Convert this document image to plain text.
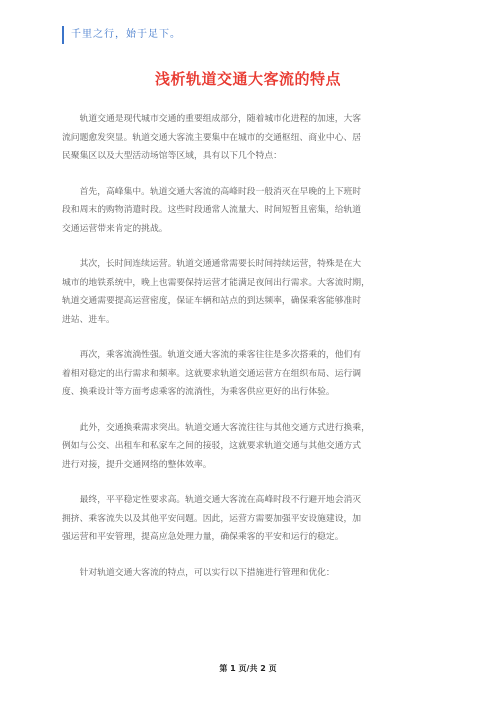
千里之行，始于足下。
浅析轨道交通大客流的特点
轨道交通是现代城市交通的重要组成部分，随着城市化进程的加速，大客
流问题愈发突显。轨道交通大客流主要集中在城市的交通枢纽、商业中心、居
民聚集区以及大型活动场馆等区域，具有以下几个特点：
首先，高峰集中。轨道交通大客流的高峰时段一般消灭在早晚的上下班时
段和周末的购物消遣时段。这些时段通常人流量大、时间短暂且密集，给轨道
交通运营带来肯定的挑战。
其次，长时间连续运营。轨道交通通常需要长时间持续运营，特殊是在大
城市的地铁系统中，晚上也需要保持运营才能满足夜间出行需求。大客流时期，
轨道交通需要提高运营密度，保证车辆和站点的到达频率，确保乘客能够准时
进站、进车。
再次，乘客流淌性强。轨道交通大客流的乘客往往是多次搭乘的，他们有
着相对稳定的出行需求和频率。这就要求轨道交通运营方在组织布局、运行调
度、换乘设计等方面考虑乘客的流淌性，为乘客供应更好的出行体验。
此外，交通换乘需求突出。轨道交通大客流往往与其他交通方式进行换乘，
例如与公交、出租车和私家车之间的接驳，这就要求轨道交通与其他交通方式
进行对接，提升交通网络的整体效率。
最终，平平稳定性要求高。轨道交通大客流在高峰时段不行避开地会消灭
拥挤、乘客流失以及其他平安问题。因此，运营方需要加强平安设施建设，加
强运营和平安管理，提高应急处理力量，确保乘客的平安和运行的稳定。
针对轨道交通大客流的特点，可以实行以下措施进行管理和优化：
第 1 页/共 2 页
